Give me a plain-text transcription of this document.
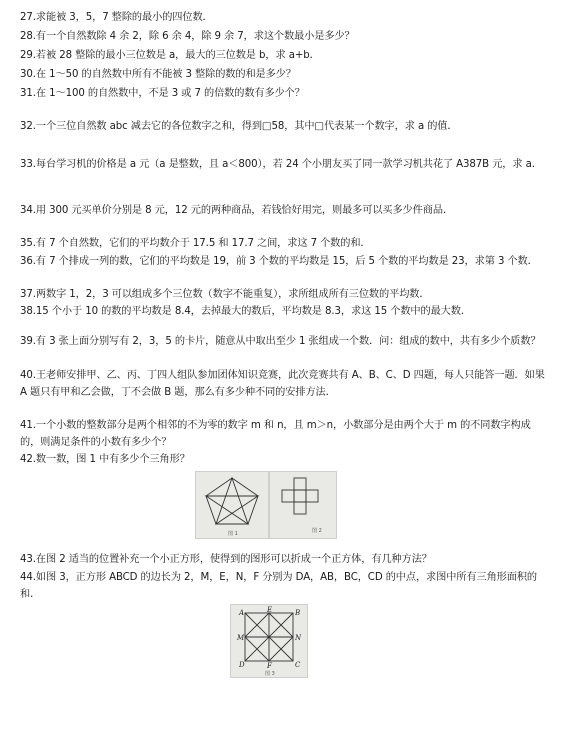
27.求能被 3，5，7 整除的最小的四位数．
28.有一个自然数除 4 余 2，除 6 余 4，除 9 余 7，求这个数最小是多少？
29.若被 28 整除的最小三位数是 a，最大的三位数是 b，求 a+b．
30.在 1～50 的自然数中所有不能被 3 整除的数的和是多少？
31.在 1～100 的自然数中，不是 3 或 7 的倍数的数有多少个？
32.一个三位自然数 abc 减去它的各位数字之和，得到□58，其中□代表某一个数字，求 a 的值．
33.每台学习机的价格是 a 元（a 是整数，且 a＜800），若 24 个小朋友买了同一款学习机共花了 A387B 元，求 a．
34.用 300 元买单价分别是 8 元，12 元的两种商品，若钱恰好用完，则最多可以买多少件商品．
35.有 7 个自然数，它们的平均数介于 17.5 和 17.7 之间，求这 7 个数的和．
36.有 7 个排成一列的数，它们的平均数是 19，前 3 个数的平均数是 15，后 5 个数的平均数是 23，求第 3 个数．
37.两数字 1，2，3 可以组成多个三位数（数字不能重复），求所组成所有三位数的平均数．
38.15 个小于 10 的数的平均数是 8.4，去掉最大的数后，平均数是 8.3，求这 15 个数中的最大数．
39.有 3 张上面分别写有 2，3，5 的卡片，随意从中取出至少 1 张组成一个数．问：组成的数中，共有多少个质数？
40.王老师安排甲、乙、丙、丁四人组队参加团体知识竞赛，此次竞赛共有 A、B、C、D 四题，每人只能答一题．如果 A 题只有甲和乙会做，丁不会做 B 题，那么有多少种不同的安排方法．
41.一个小数的整数部分是两个相邻的不为零的数字 m 和 n，且 m＞n，小数部分是由两个大于 m 的不同数字构成的，则满足条件的小数有多少个？
42.数一数，图 1 中有多少个三角形？
图 1	图 2
43.在图 2 适当的位置补充一个小正方形，使得到的图形可以折成一个正方体，有几种方法？
44.如图 3，正方形 ABCD 的边长为 2，M，E，N，F 分别为 DA，AB，BC，CD 的中点，求图中所有三角形面积的和．
A	E	B
M	N
D	F	C
图 3
